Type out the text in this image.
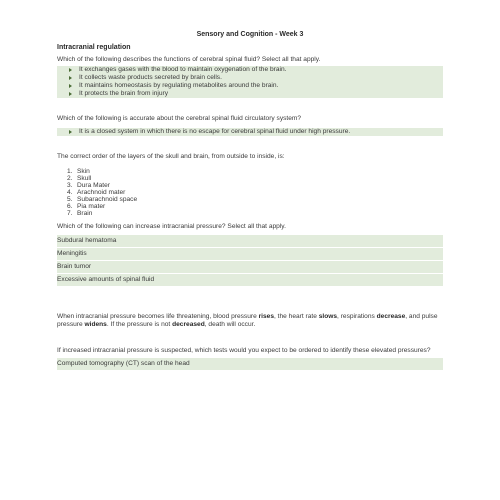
Sensory and Cognition - Week 3
Intracranial regulation
Which of the following describes the functions of cerebral spinal fluid? Select all that apply.
It exchanges gases with the blood to maintain oxygenation of the brain.
It collects waste products secreted by brain cells.
It maintains homeostasis by regulating metabolites around the brain.
It protects the brain from injury
Which of the following is accurate about the cerebral spinal fluid circulatory system?
It is a closed system in which there is no escape for cerebral spinal fluid under high pressure.
The correct order of the layers of the skull and brain, from outside to inside, is:
1. Skin
2. Skull
3. Dura Mater
4. Arachnoid mater
5. Subarachnoid space
6. Pia mater
7. Brain
Which of the following can increase intracranial pressure? Select all that apply.
Subdural hematoma
Meningitis
Brain tumor
Excessive amounts of spinal fluid
When intracranial pressure becomes life threatening, blood pressure rises, the heart rate slows, respirations decrease, and pulse pressure widens. If the pressure is not decreased, death will occur.
If increased intracranial pressure is suspected, which tests would you expect to be ordered to identify these elevated pressures?
Computed tomography (CT) scan of the head
